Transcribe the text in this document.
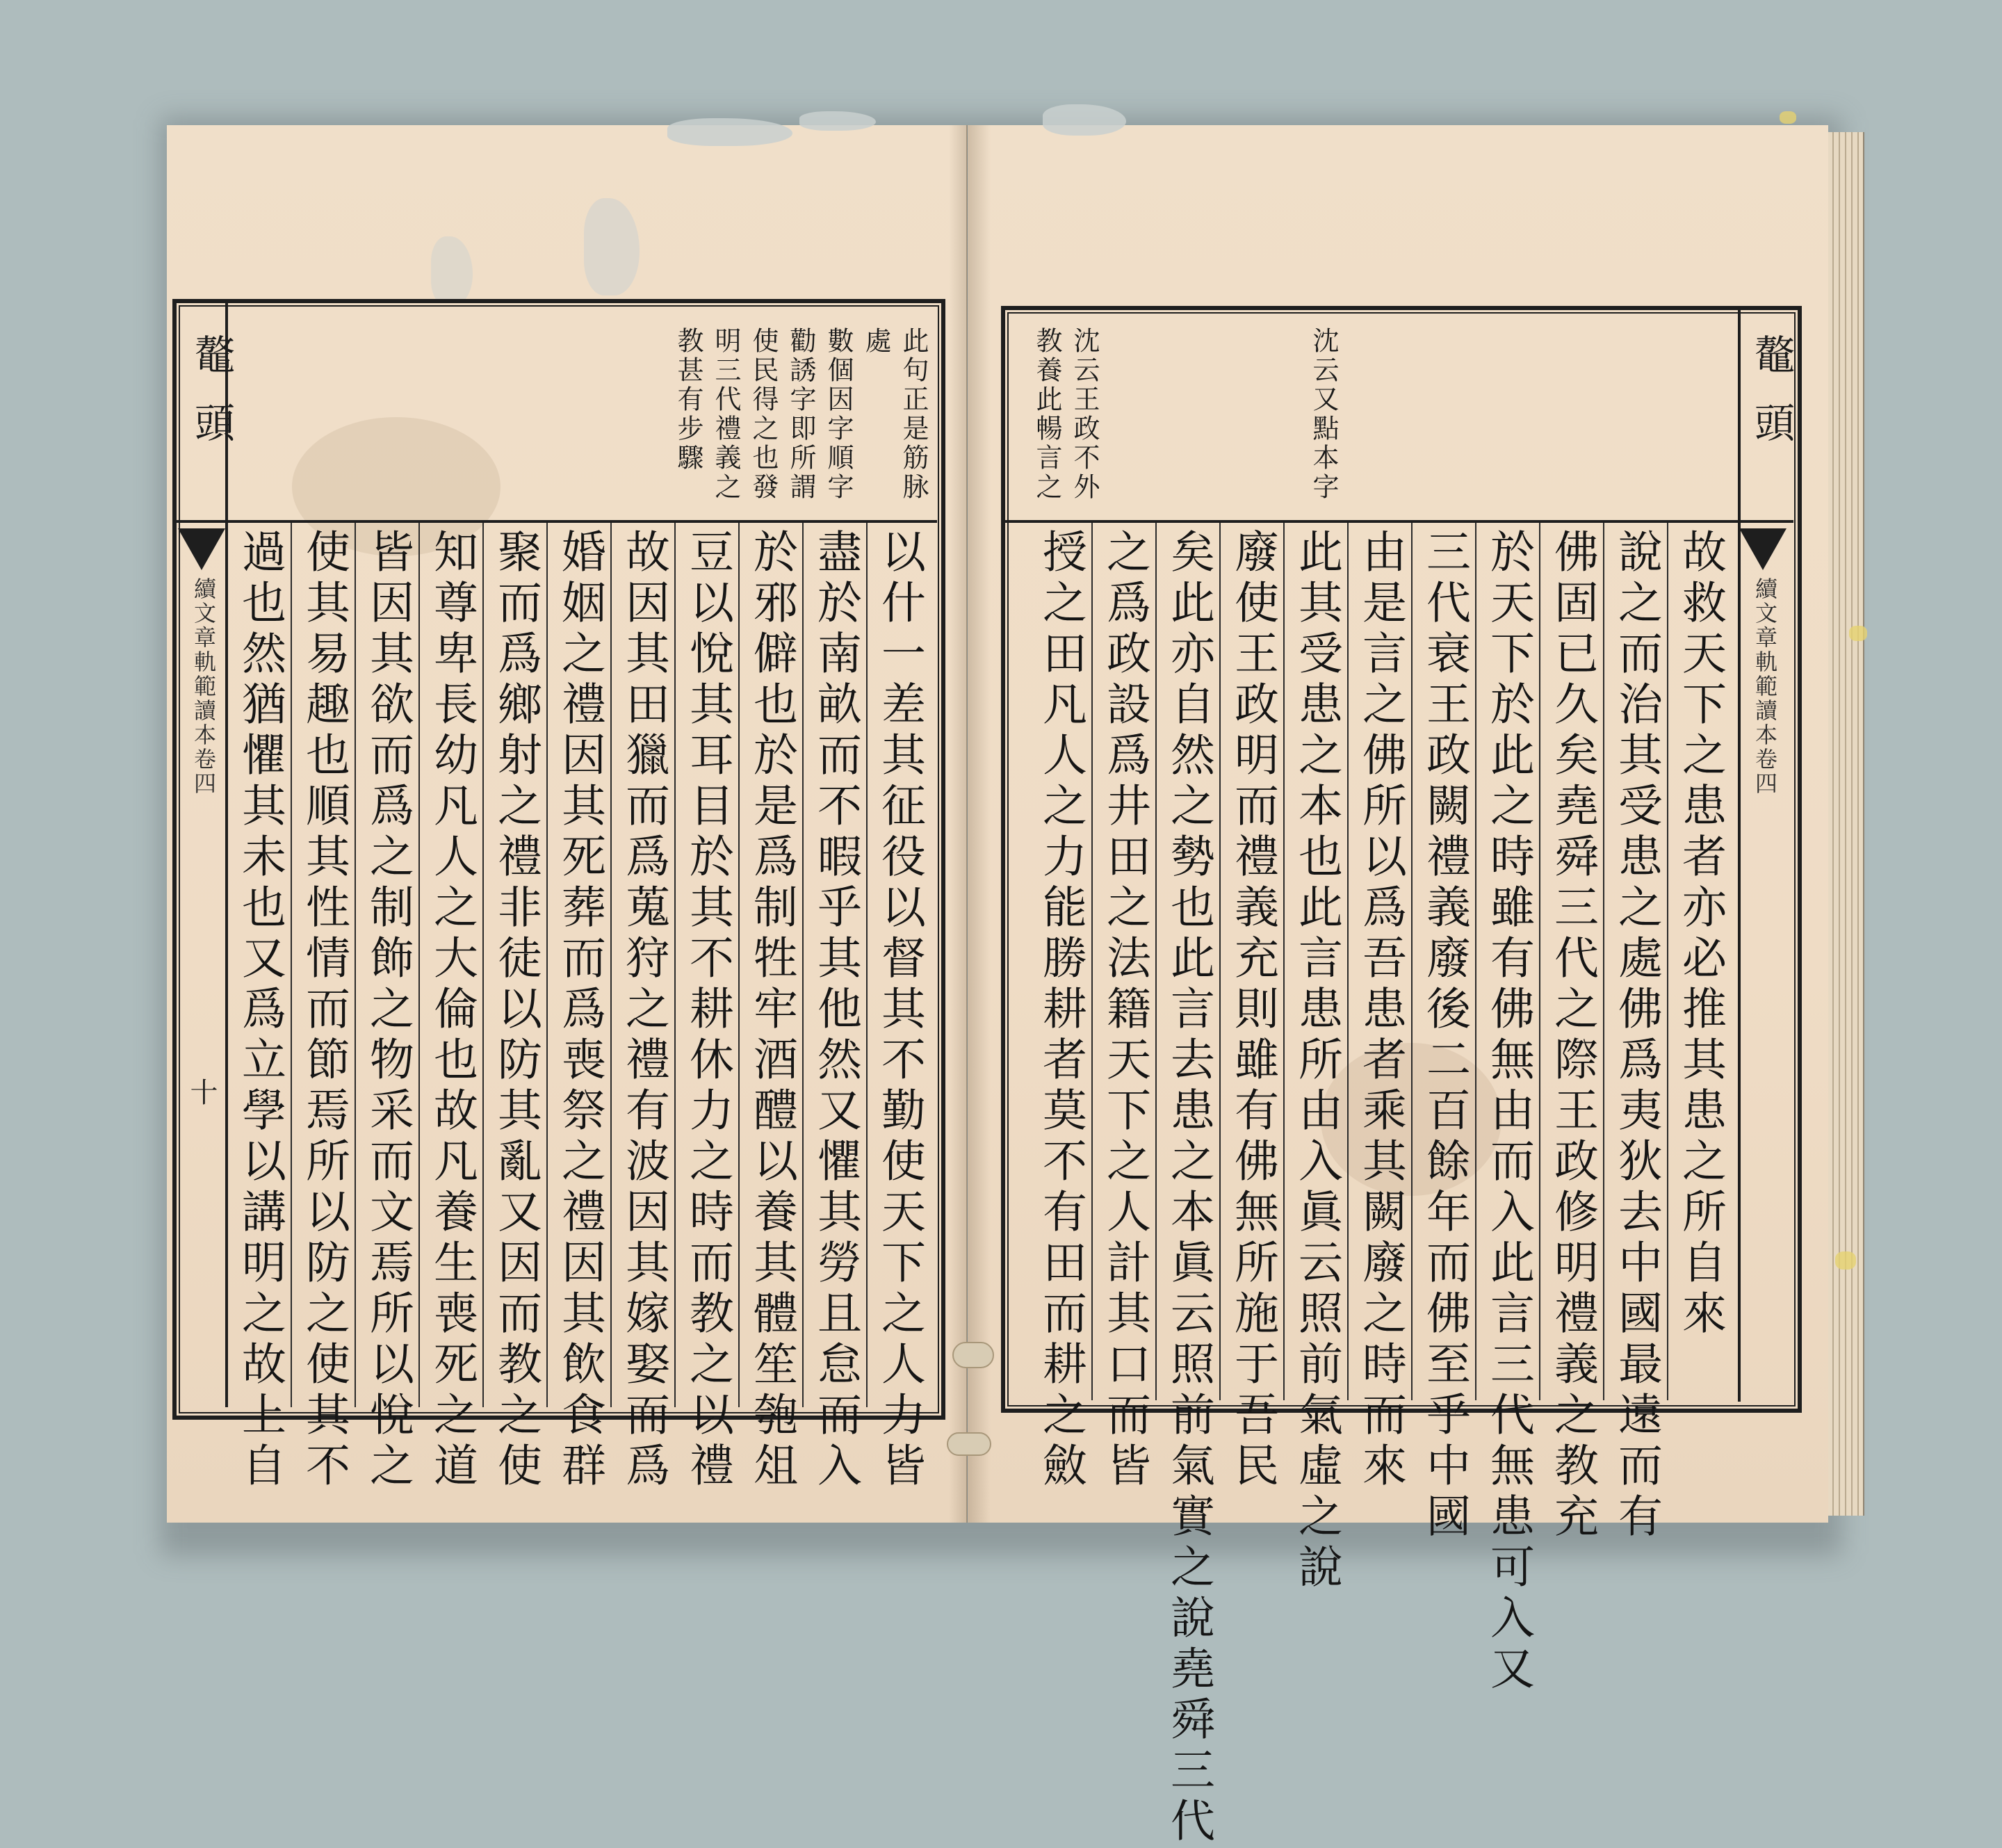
鼇頭
續文章軌範讀本卷四
十
此句正是筋脉
處
數個因字順字
勸誘字即所謂
使民得之也發
明三代禮義之
教甚有步驟
以什一差其征役以督其不勤使天下之人力皆
盡於南畝而不暇乎其他然又懼其勞且怠而入
於邪僻也於是爲制牲牢酒醴以養其體笙匏俎
豆以悅其耳目於其不耕休力之時而教之以禮
故因其田獵而爲蒐狩之禮有波因其嫁娶而爲
婚姻之禮因其死葬而爲喪祭之禮因其飲食群
聚而爲鄉射之禮非徒以防其亂又因而教之使
知尊卑長幼凡人之大倫也故凡養生喪死之道
皆因其欲而爲之制飾之物采而文焉所以悅之
使其易趣也順其性情而節焉所以防之使其不
過也然猶懼其未也又爲立學以講明之故上自
鼇頭
續文章軌範讀本卷四
沈云又點本字
沈云王政不外
教養此暢言之
故救天下之患者亦必推其患之所自來
說之而治其受患之處佛爲夷狄去中國最遠而有
佛固已久矣堯舜三代之際王政修明禮義之教充
於天下於此之時雖有佛無由而入此言三代無患可入又
三代衰王政闕禮義廢後二百餘年而佛至乎中國
由是言之佛所以爲吾患者乘其闕廢之時而來
此其受患之本也此言患所由入眞云照前氣虛之說
廢使王政明而禮義充則雖有佛無所施于吾民
矣此亦自然之勢也此言去患之本眞云照前氣實之說堯舜三代
之爲政設爲井田之法籍天下之人計其口而皆
授之田凡人之力能勝耕者莫不有田而耕之斂
